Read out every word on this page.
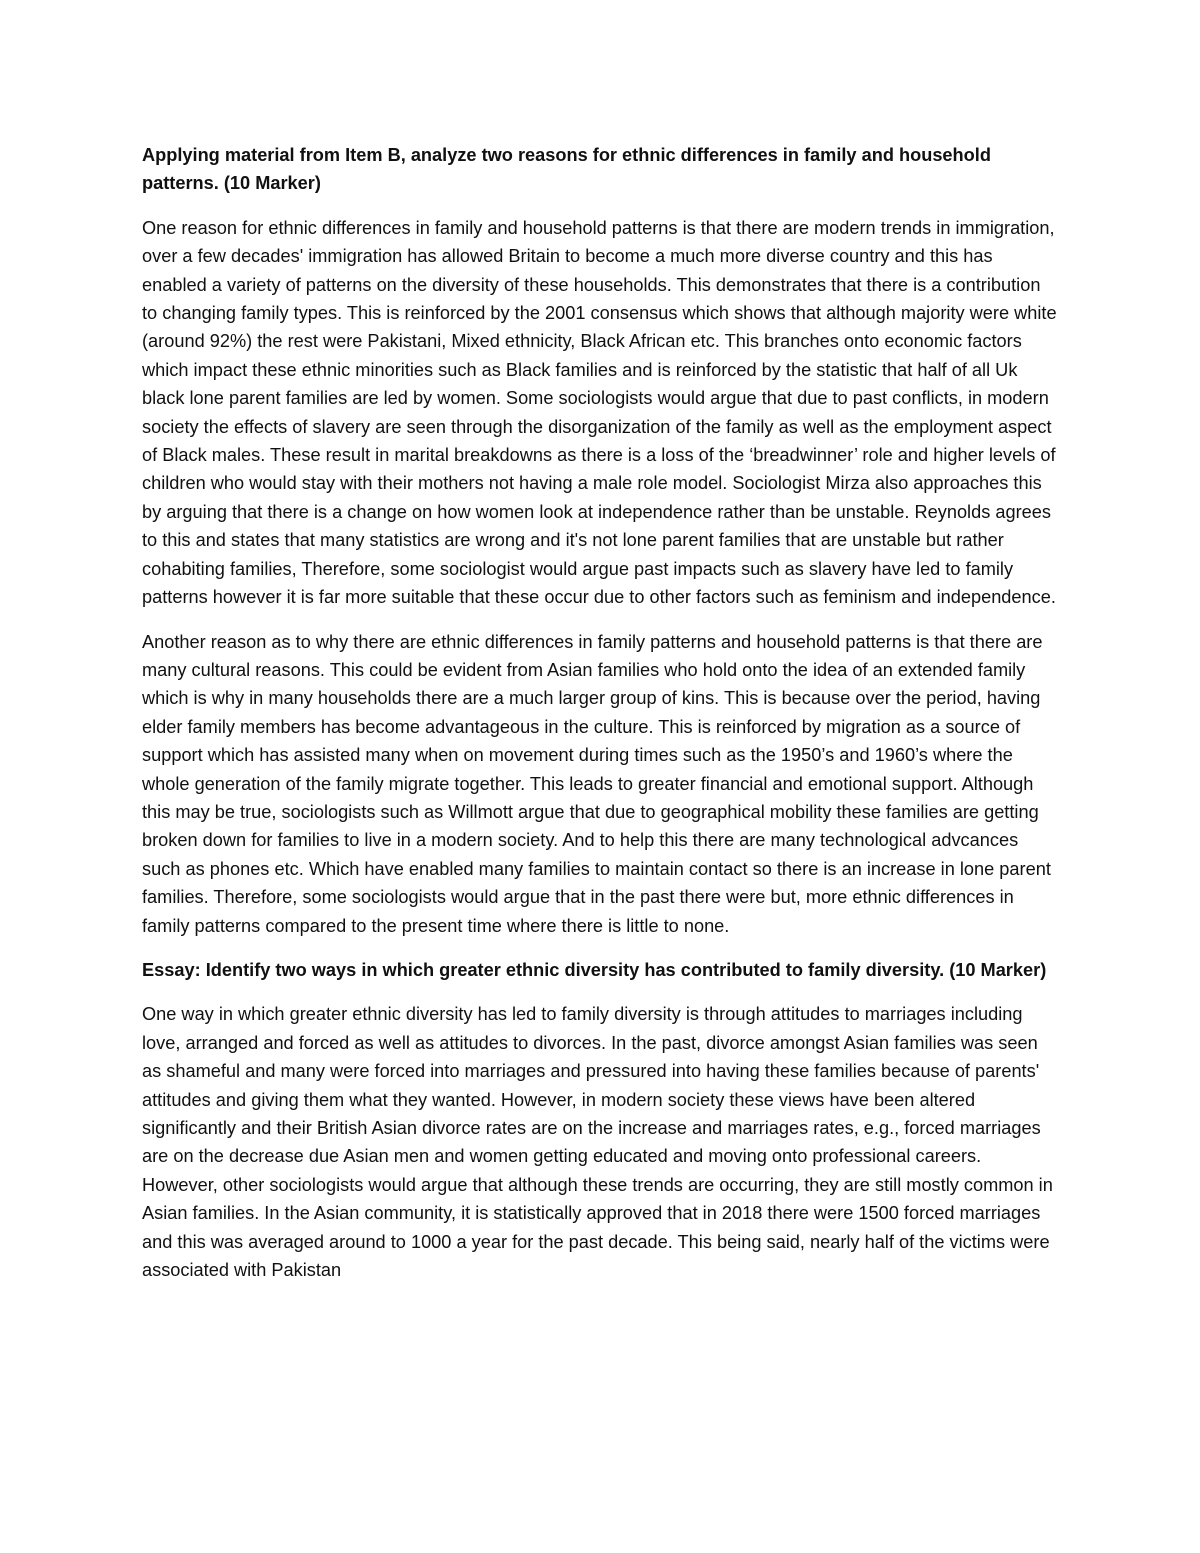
Applying material from Item B, analyze two reasons for ethnic differences in family and household patterns. (10 Marker)

One reason for ethnic differences in family and household patterns is that there are modern trends in immigration, over a few decades' immigration has allowed Britain to become a much more diverse country and this has enabled a variety of patterns on the diversity of these households. This demonstrates that there is a contribution to changing family types. This is reinforced by the 2001 consensus which shows that although majority were white (around 92%) the rest were Pakistani, Mixed ethnicity, Black African etc. This branches onto economic factors which impact these ethnic minorities such as Black families and is reinforced by the statistic that half of all Uk black lone parent families are led by women. Some sociologists would argue that due to past conflicts, in modern society the effects of slavery are seen through the disorganization of the family as well as the employment aspect of Black males. These result in marital breakdowns as there is a loss of the ‘breadwinner’ role and higher levels of children who would stay with their mothers not having a male role model. Sociologist Mirza also approaches this by arguing that there is a change on how women look at independence rather than be unstable. Reynolds agrees to this and states that many statistics are wrong and it's not lone parent families that are unstable but rather cohabiting families, Therefore, some sociologist would argue past impacts such as slavery have led to family patterns however it is far more suitable that these occur due to other factors such as feminism and independence.

Another reason as to why there are ethnic differences in family patterns and household patterns is that there are many cultural reasons. This could be evident from Asian families who hold onto the idea of an extended family which is why in many households there are a much larger group of kins. This is because over the period, having elder family members has become advantageous in the culture. This is reinforced by migration as a source of support which has assisted many when on movement during times such as the 1950’s and 1960’s where the whole generation of the family migrate together. This leads to greater financial and emotional support. Although this may be true, sociologists such as Willmott argue that due to geographical mobility these families are getting broken down for families to live in a modern society. And to help this there are many technological advcances such as phones etc. Which have enabled many families to maintain contact so there is an increase in lone parent families. Therefore, some sociologists would argue that in the past there were but, more ethnic differences in family patterns compared to the present time where there is little to none.

Essay: Identify two ways in which greater ethnic diversity has contributed to family diversity. (10 Marker)

One way in which greater ethnic diversity has led to family diversity is through attitudes to marriages including love, arranged and forced as well as attitudes to divorces. In the past, divorce amongst Asian families was seen as shameful and many were forced into marriages and pressured into having these families because of parents' attitudes and giving them what they wanted. However, in modern society these views have been altered significantly and their British Asian divorce rates are on the increase and marriages rates, e.g., forced marriages are on the decrease due Asian men and women getting educated and moving onto professional careers. However, other sociologists would argue that although these trends are occurring, they are still mostly common in Asian families. In the Asian community, it is statistically approved that in 2018 there were 1500 forced marriages and this was averaged around to 1000 a year for the past decade. This being said, nearly half of the victims were associated with Pakistan
